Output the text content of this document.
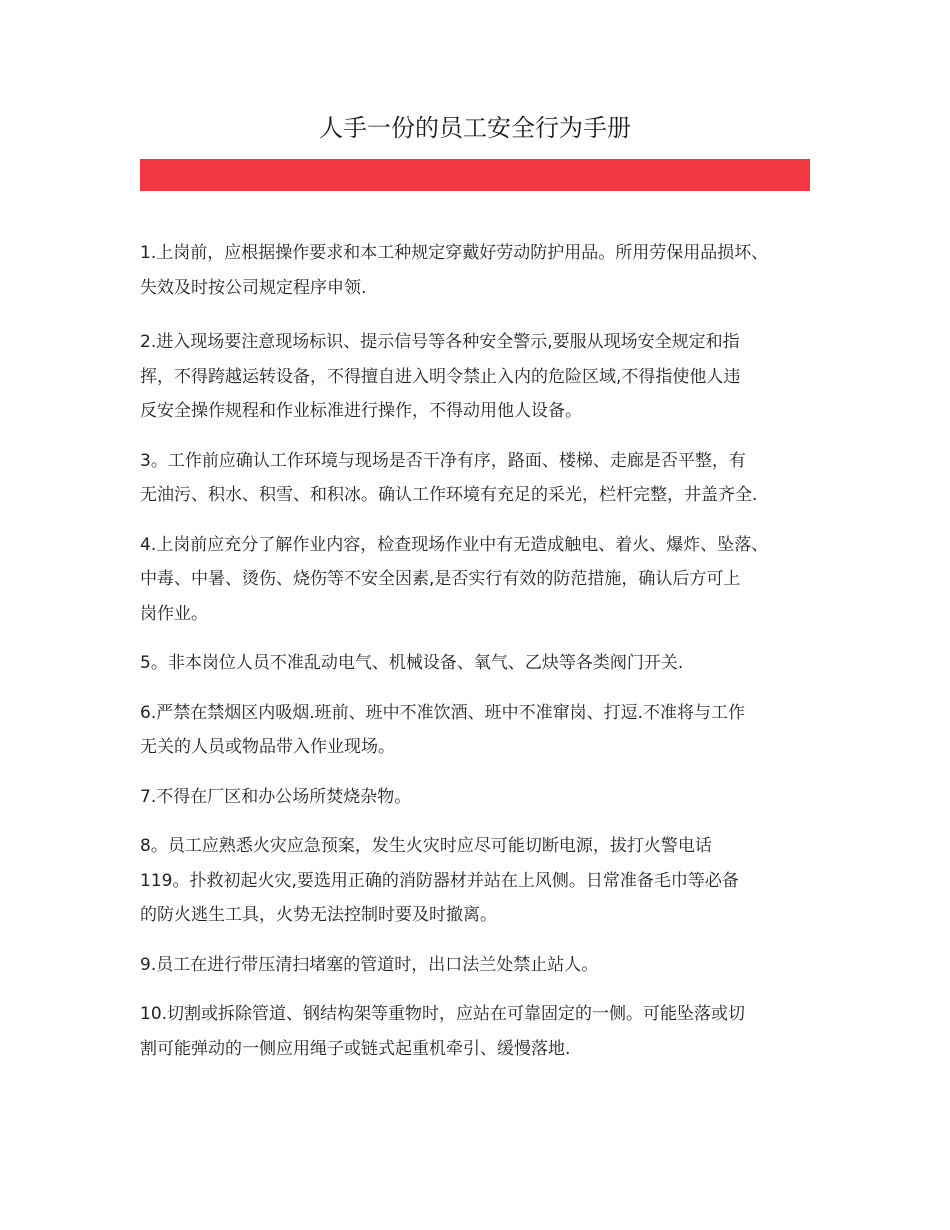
人手一份的员工安全行为手册

1.上岗前，应根据操作要求和本工种规定穿戴好劳动防护用品。所用劳保用品损坏、
失效及时按公司规定程序申领.

2.进入现场要注意现场标识、提示信号等各种安全警示,要服从现场安全规定和指
挥，不得跨越运转设备，不得擅自进入明令禁止入内的危险区域,不得指使他人违
反安全操作规程和作业标准进行操作，不得动用他人设备。

3。工作前应确认工作环境与现场是否干净有序，路面、楼梯、走廊是否平整，有
无油污、积水、积雪、和积冰。确认工作环境有充足的采光，栏杆完整，井盖齐全.

4.上岗前应充分了解作业内容，检查现场作业中有无造成触电、着火、爆炸、坠落、
中毒、中暑、烫伤、烧伤等不安全因素,是否实行有效的防范措施，确认后方可上
岗作业。

5。非本岗位人员不准乱动电气、机械设备、氧气、乙炔等各类阀门开关.

6.严禁在禁烟区内吸烟.班前、班中不准饮酒、班中不准窜岗、打逗.不准将与工作
无关的人员或物品带入作业现场。

7.不得在厂区和办公场所焚烧杂物。

8。员工应熟悉火灾应急预案，发生火灾时应尽可能切断电源，拔打火警电话
119。扑救初起火灾,要选用正确的消防器材并站在上风侧。日常准备毛巾等必备
的防火逃生工具，火势无法控制时要及时撤离。

9.员工在进行带压清扫堵塞的管道时，出口法兰处禁止站人。

10.切割或拆除管道、钢结构架等重物时，应站在可靠固定的一侧。可能坠落或切
割可能弹动的一侧应用绳子或链式起重机牵引、缓慢落地.
